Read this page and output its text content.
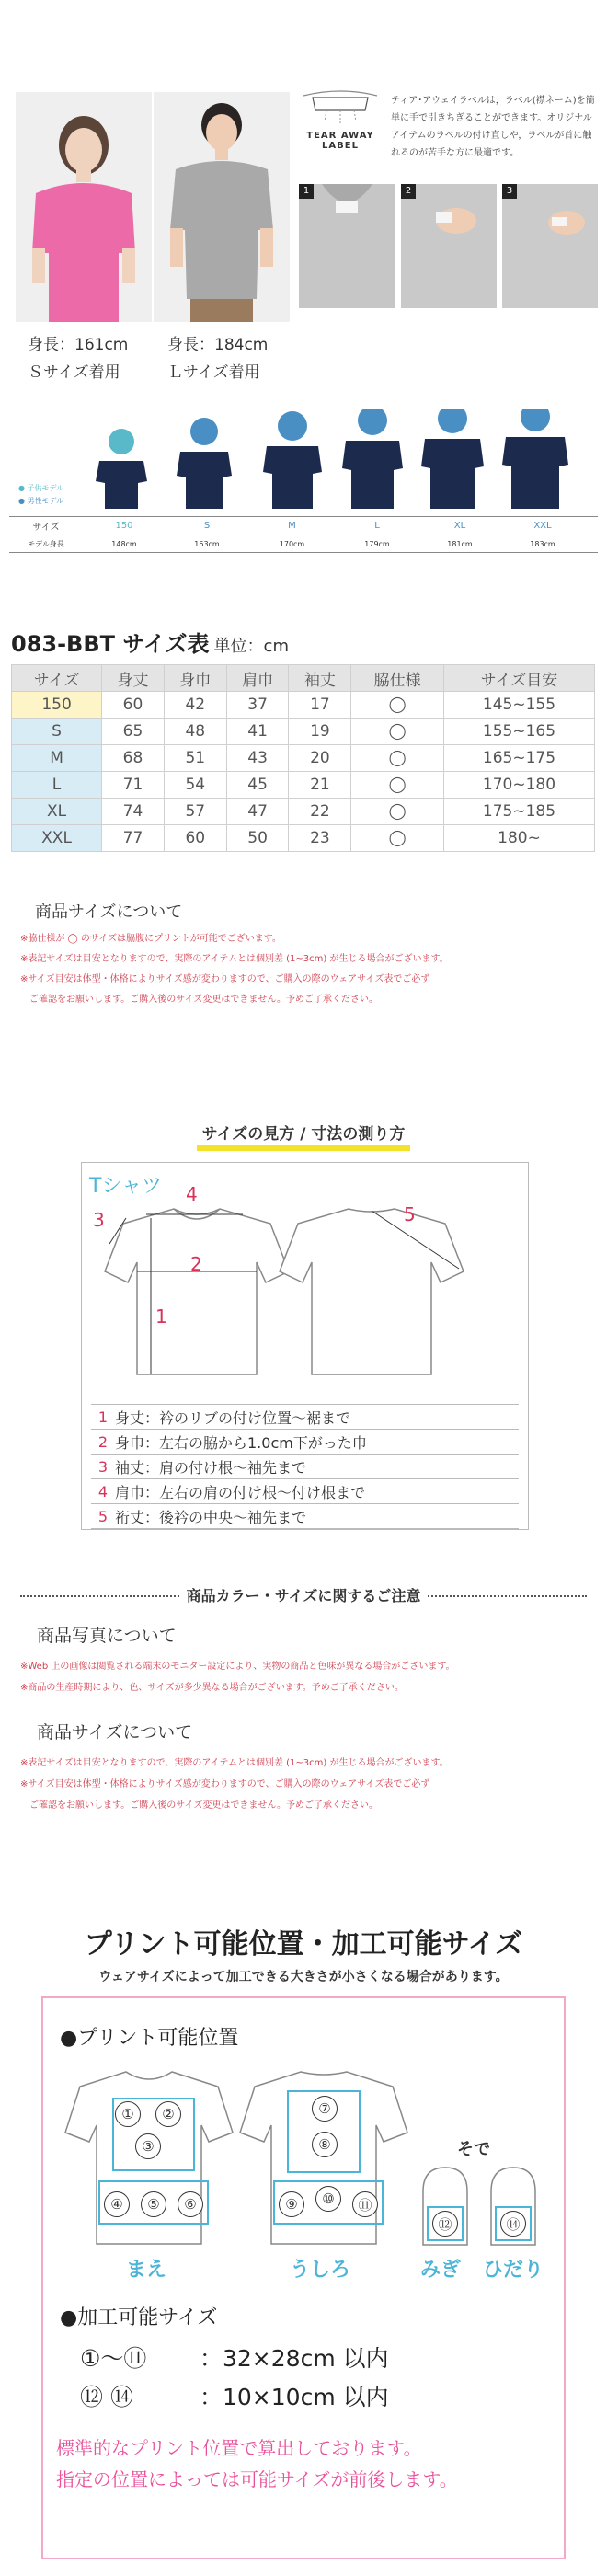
身長：161cm
Ｓサイズ着用
身長：184cm
Ｌサイズ着用
TEAR AWAY
LABEL
ティア･アウェイラベルは，ラベル(襟ネーム)を簡単に手で引きちぎることができます。オリジナルアイテムのラベルの付け直しや，ラベルが首に触れるのが苦手な方に最適です。
1	2	3
● 子供モデル
● 男性モデル
サイズ	150	S	M	L	XL	XXL
モデル身長	148cm	163cm	170cm	179cm	181cm	183cm
083-BBT サイズ表 単位：cm
サイズ	身丈	身巾	肩巾	袖丈	脇仕様	サイズ目安
150	60	42	37	17	◯	145~155
S	65	48	41	19	◯	155~165
M	68	51	43	20	◯	165~175
L	71	54	45	21	◯	170~180
XL	74	57	47	22	◯	175~185
XXL	77	60	50	23	◯	180~
商品サイズについて
※脇仕様が ◯ のサイズは脇腹にプリントが可能でございます。
※表記サイズは目安となりますので、実際のアイテムとは個別差 (1~3cm) が生じる場合がございます。
※サイズ目安は体型・体格によりサイズ感が変わりますので、ご購入の際のウェアサイズ表でご必ず
　ご確認をお願いします。ご購入後のサイズ変更はできません。予めご了承ください。
サイズの見方 / 寸法の測り方
Tシャツ 4
2
1
3	5
1 身丈：衿のリブの付け位置～裾まで
2 身巾：左右の脇から1.0cm下がった巾
3 袖丈：肩の付け根～袖先まで
4 肩巾：左右の肩の付け根～付け根まで
5 裄丈：後衿の中央～袖先まで
商品カラー・サイズに関するご注意
商品写真について
※Web 上の画像は閲覧される端末のモニター設定により、実物の商品と色味が異なる場合がございます。
※商品の生産時期により、色、サイズが多少異なる場合がございます。予めご了承ください。
商品サイズについて
※表記サイズは目安となりますので、実際のアイテムとは個別差 (1~3cm) が生じる場合がございます。
※サイズ目安は体型・体格によりサイズ感が変わりますので、ご購入の際のウェアサイズ表でご必ず
　ご確認をお願いします。ご購入後のサイズ変更はできません。予めご了承ください。
プリント可能位置・加工可能サイズ
ウェアサイズによって加工できる大きさが小さくなる場合があります。
●プリント可能位置
①	②
③
④	⑤	⑥
まえ
⑦
⑧
⑨	⑩	⑪
うしろ
そで
⑫	⑭
みぎ ひだり
●加工可能サイズ
①～⑪	：32×28cm 以内
⑫ ⑭	：10×10cm 以内
標準的なプリント位置で算出しております。
指定の位置によっては可能サイズが前後します。
